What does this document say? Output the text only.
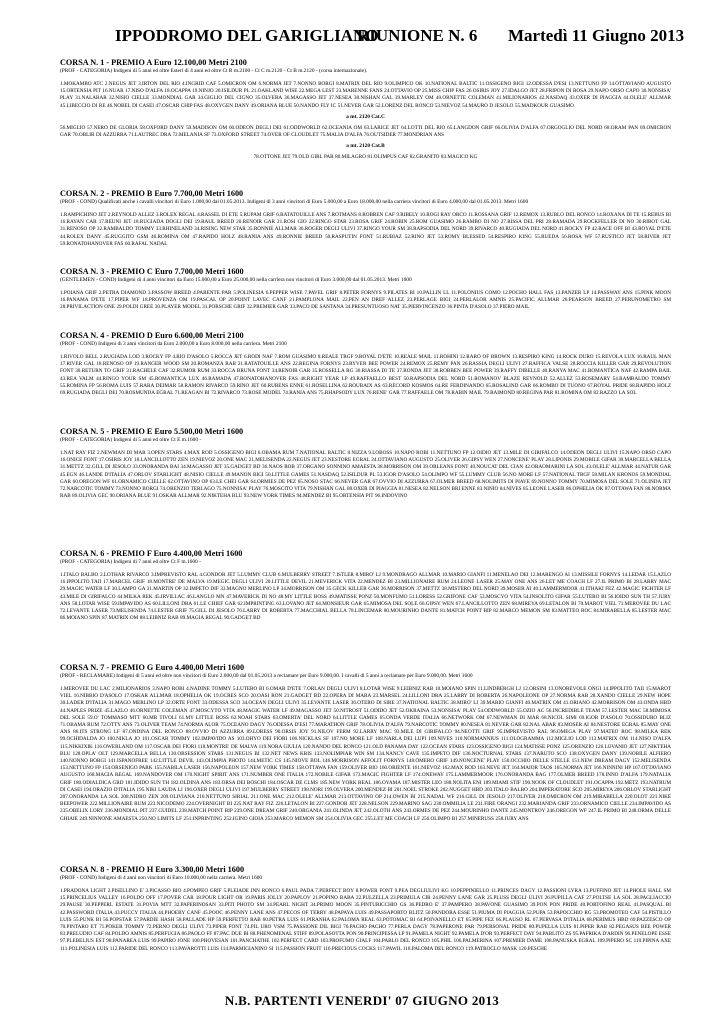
IPPODROMO DEL GARIGLIANO
RIUNIONE N. 6 Martedì 11 Giugno 2013
CORSA N. 1 - PREMIO A Euro 12.100,00 Metri 2100
(PROF - CATEGORIA) Indigeni di 5 anni ed oltre Esteri di 4 anni ed oltre Ct B m.2100 - Ct C m.2120 - Ct B m.2120 - (corsa internazionale).
1.MOKAMBO ATC 2.NEGUS JET 3.IRTON DEL RIO 4.INGRID CAF 5.OMICRON OM 6.NORMA JET 7.NONNO BORGI 8.MATRIX DEL RIO 9.OLIMPICO OK 10.NATIONAL BALTIC 11.OSSIGENO BIGI 12.ODESSA D'ESI 13.NETTUNO FP 14.OTTAVIANO AUGUSTO 15.ORTENSIA PIT 16.NUAR 17.NISO D'ALFA 18.OCAPPA 19.NINJO 20.ISILDUR PL 21.OAKLAND WISE 22.MEGA LEST 23.MARENNE FANS 24.OTTAVIO OP 25.MISS CHIP FAS 26.OSIRIS JOY 27.IDALGO JET 28.FRIPON DI ROSA 29.NAPO ORSO CAPO 30.NONSISA' PLAY 31.NALABAR 32.NISIO CIELLE 33.MONDIAL GAR 34.GIGLIO DEL CIGNO 35.OLVERA 36.MAGASSO JET 37.NESEA 38.NISHAN GAL 39.MARLEY OM 40.ORNETTE COLEMAN 41.MILIONARIOS 42.NASDAQ 43.OXER DI PIAGGIA 44.OLELE' ALLMAR 45.LIBECCIO DI RE 46.NOBEL DI CASEI 47.OSCAR CHIP FAS 48.OXYGEN DANY 49.ORIANA BLUE 50.NANDO FLY IC 51.NEVER GAR 52.LORENZ DEL RONCO 53.NIEVOZ 54.MAURO D JESOLO 55.MADKOUR GUASIMO
a mt. 2120 Cat.C
56.MIGLIO 57.NERO DE GLORIA 58.OXFORD DANY 59.MADISON OM 60.ODEON DEGLI DEI 61.ODDWORLD 62.OCEANIA OM 63.LARICE JET 64.LOTTI DEL RIO 65.LANGDON GRIF 66.OLIVIA D'ALFA 67.ORGOGLIO DEL NORD 68.ORAM PAN 69.OMICRON GAR 70.OBLIR DI AZZURRA 71.LAUTREC DRA 72.MELANIA SF 73.OXFORD STREET 74.OVER OF CLOUDLET 75.MALIA D'ALFA 76.OUTSIDER 77.MONDRIAN ANS
a mt. 2120 Cat.B
78.OTTONE JET 79.OLD GIRL PAR 80.MILAGRO 81.OLIMPUS CAF 82.GRANITO 83.MAGICO KG
CORSA N. 2 - PREMIO B Euro 7.700,00 Metri 1600
(PROF - COND) Qualificati anche i cavalli vincitori di Euro 1.000,00 dal 01.05.2013. Indigeni di 3 anni vincitori di Euro 5.000,00 a Euro 18.000,00 nella carriera vincitori di Euro 4.000,00 dal 01.05.2013. Metri 1600
1.RAMPICHINO JET 2.REYNOLD ALLEZ 3.ROLEX REGAL 4.RASSEL DI ETE 5.RUPAM GRIF 6.RATATOUILLE ANS 7.ROTMANS 8.ROBBEN CAF 9.RIBELY 10.ROGI RAY ORCO 11.ROSSANA GRIF 12.REMOX 13.RUBLO DEL RONCO 14.ROXANA DI TE 15.REBUS BI 16.RAYAN CAR 17.REUNI JET 18.RUGIADA DOGLI DEI 19.RAUL BREED 20.RENOIR GAR 21.ROSI GIO 22.RINGO STAR 23.ROSA GRIF 24.ROBIN 25.ROM GUASIMO 26.RAMBO DI NO 27.RISSA DEL PRI 28.RAMADA 29.ROCKFELLER DI NO 30.RIBOT GAL 31.RENOSO OP 32.RAMBALDO TOMMY 33.RHINELAND 34.RISING NEW STAR 35.RONNIE ALLMAR 36.ROGER DEGLI ULIVI 37.RINGO YOUR SM 38.RAPSODIA DEL NORD 39.RIVARCO 40.RUGIADA DEL NORD 41.ROCKY FP 42.RACE OFF BI 43.ROYAL D'ETE 44.ROLEX DANY 45.RUGGITO GSM 46.ROMINA OM 47.RAPIDO HOLZ 48.RANIA ANS 49.RONNIE BREED 50.RASPUTIN FONT 51.RUBIAZ 52.RINO JET 53.ROMY BLESSED 54.RESPIRO KING 55.RUEDA 56.ROSA WF 57.RUSTICO JET 58.RIVER JET 59.RONATOHANOVER FAS 60.RAFAL NADAL
CORSA N. 3 - PREMIO C Euro 7.700,00 Metri 1600
(GENTLEMEN - COND) Indigeni di 4 anni vincitori da Euro 15.000,00 a Euro 25.000,00 nella carriera non vincitori di Euro 3.000,00 dal 01.05.2013. Metri 1600
1.POIANA GRIF 2.PETRA DIAMOND 3.PASSOW BREED 4.PARENTE PAR 5.POLINESIA 6.PEPPER WISE 7.PAVEL GRIF 8.PETER FORNYS 9.PILATES BI 10.PALLIN LL 11.POLONIUS COMO 12.POCHO HALL FAS 13.PANZER LP 14.PASSWAY ANS 15.PINK MOON 16.PANAMA D'ETE 17.PIPER WF 18.PROVENZA OM 19.PASCAL OP 20.POINT LAVEC CANF 21.PAMPLONA MAIL 22.PEN AN DREF ALLEZ 23.PERLAGE BIGI 24.PERLALOR AMNIS 25.PACIFIC ALLMAR 26.PEARSON BREED 27.PERUNOMETRO SM 28.PRIVILACTION ONE 29.POLDI GREE 30.PLAYER MODEL 31.PORSCHE GRIF 32.PREMIER GAR 33.PACO DE SANTANA 34.PRESUNTUOSO NAT 35.PIERVINCENZO 36.PINTA D'ASOLO 37.PIERO MAIL
CORSA N. 4 - PREMIO D Euro 6.600,00 Metri 2100
(PROF - COND) Indigeni di 3 anni vincitori da Euro 2.000,00 a Euro 8.000,00 nella carriera. Metri 2100
1.RIVOLO BELL 2.RUGIADA LOD 3.ROCKY FP 4.RIO D'ASOLO 5.ROCCA JET 6.RODI NAF 7.ROM GUASIMO 8.REALE TRGF 9.ROYAL D'ETE 10.REALE MAIL 11.ROHINI 12.RARO OF BROWN 13.RESPIRO KING 14.ROCK DURO 15.REVOLA LUX 16.RAUL MAN 17.RIVER GAL 18.RENOSO OP 19.RANGER WOOD SM 20.ROMANZA RAB 21.RATATOUILLE ANS 22.REGINA FORNYS 23.RYVER BEE POWER 24.REMOX 25.REMY PAN 26.RASSIA DEGLI ULIVI 27.RAFFICA VALSE 28.ROCCIA KILLER GAR 29.REVOLUTION FONT 30.RETURN TO GRIF 31.RACHELE CAF 32.RUMOR RUM 33.ROCCA BRUNA FONT 34.RENOIR GAR 35.ROSSELLA RG 36.RIASSA DI TE 37.RONDA JET 38.ROBBEN BEE POWER 39.RAFFY DIBELLE 40.RANYA MAC 41.ROMANTICA NAF 42.RAMPA BAIL 43.REA VALM 44.RINGO YOUR SM 45.ROMANTICA LUX 46.RAMADA 47.RONATOHANOVER FAS 48.RIGHT YEAR LP 49.RAFFAELLO BEST 50.RAPSODIA DEL NORD 51.ROMANOV BLAZE REYNOLD 52.ALLEZ 53.ROSEMARY 54.RAMBALDO TOMMY 55.ROMINA FP 56.ROMA LUIS 57.RARA DEIMAR 58.RAMON RIVARCO 59.RINO JET 60.RUBENS ENNE 61.ROSELLINA 62.ROUBAIX AS 63.RECORD KOSMOS 64.RE FERDINANDO 65.ROSALIND GAR 66.ROMBO DI TUONO 67.ROYAL PRIDE 68.RAPIDO HOLZ 69.RUGIADA DEGLI DEI 70.ROSMUNDA EGRAL 71.REAGAN BI 72.RIVARCO 73.ROSE MODEL 74.RANIA ANS 75.RHAPSODY LUX 76.RENE' GAR 77.RAFFAELE OM 78.RABIN MAIL 79.RAIMOND 80.REGINA PAR 81.ROMINA OM 82.RAZZO LA SOL
CORSA N. 5 - PREMIO E Euro 5.500,00 Metri 1600
(PROF - CATEGORIA) Indigeni di 5 anni ed oltre Ct E m.1600 -
1.NAT RAY FIZ 2.NEWMAN DI MAR 3.OPEN STARS 4.MAX ROD 5.OSSIGENO BIGI 6.OBAMA RUM 7.NATIONAL BALTIC 8.NIZZA 9.LOBOSS 10.NAPO ROBI 11.NETTUNO FP 12.OIDIO JET 13.MILE DI GIRIFALCO 14.ODEON DEGLI ULIVI 15.NAPO ORSO CAPO 16.ONICE FONT 17.OSIRIS JOY 18.LANCILLOTTO ZEN 19.NIEVOZ 20.ONE MAC 21.MELISENDA 22.NEGUS JET 23.NESTORE EGRAL 24.OTTAVIANO AUGUSTO 25.OLIVER 26.GIPSY WEN 27.NONCENE' PLAY 28.LIPONIS 29.MOBILE GIFAR 30.MARCELLA BELLA 31.METTZ 32.GILL DI JESOLO 33.ONORANDA BAI 34.MAGASSO JET 35.GADGET BD 36.NAOS ROB 37.ORGANO SONNINO AMAESTA 38.MORRISON OM 39.ORLEANS FONT 40.NOUCAT DEL CIAN 42.ORAOMARINI LA SOL 43.OLELE' ALLMAR 44.NATUR GAR 45.EGN 46.LANDE D'ITALIA 47.ORLOV STARLIGHT 48.NISIO CIELLE 49.MANON BIGI 50.LITTLE GAMES 51.NASDAQ 52.ISILDUR PL 53.IGOR D'ASOLO 54.OLIMPO WF 55.LUMMY CLUB 56.NO MORE LF 57.NATIONAL TRGF 58.MILAN KRONOS 59.MONDIAL GAR 60.OREGON WF 61.ORNAMICO CIELLE 62.OTTAVINO OP 63.LE CHEI GAR 64.ORMIES DE PEZ 65.NOSO STAC 66.NEVER GAR 67.OVVIO DI AZZURRA 67.OLMER BREED 68.NOLIMITS DI PIAVE 69.NONNO TOMMY 70.MIMOSA DEL SOLE 71.OLINDA JET 72.NARCOTIC TOMMY 73.NONNO BORGI 74.ORENZIO TERLAGO 75.NONNISA' PLAY 76.MOSCITO VITA 79.NISHAN GAL 80.OXER DI PIAGGIA 81.NESEA 82.NELSON BRI ENNE 83.NINIO 84.NIVES 85.LEONE LASER 86.OPHELIA OK 87.OTTAWA FAN 88.NORMA RAB 89.OLIVIA GEC 90.ORIANA BLUE 91.OSKAR ALLMAR 92.NIKTEHA BLU 93.NEW YORK TIMES 94.MENDEZ BI 95.ORTENSIA PIT 96.INDOVINO
CORSA N. 6 - PREMIO F Euro 4.400,00 Metri 1600
(PROF - CATEGORIA) Indigeni di 7 anni ed oltre Ct F m.1600 -
1.ITALO BALBO 2.LOTHAR RIVARCO 3.IMPREVISTO RAL 4.GONDOR JET 5.LUMMY CLUB 6.MULBERRY STREET 7.ISTLER 8.MIRO' LJ 9.MONDRAGO ALLMAR 10.MARIO GIANFI 11.MENELAO DEI 12.MARENGO AI 13.MISSILE FORNYS 14.LEDAR 15.LAZLO 16.IPPOLITO TAII 17.MARCEL GRIF 18.MONTRE' DE MALVA 19.MEGIC DEGLI ULIVI 20.LITTLE DEVIL 21.MEVERICK VITA 22.MENDEZ BI 23.MILLIONAIRE RUM 24.LEONE LASER 25.MAY ONE ANS 26.LET ME COACH LF 27.IL PRIMO BI 28.LARRY MAC 29.MAGIC WATER LF 30.LAMPO GA 31.MARTIN OP 32.IMPETO DIF 33.MAGNO MERLINO LP 34.MORRISON OM 35.GECK KILLER GAR 36.MORRISON 37.METTZ 38.MISTERO DEL NORD 39.MOSER AI 40.LAMMERMOOR 41.ITHAKI FEZ 42.MAGIC FIGHTER LF 43.MILE DI GIRIFALCO 44.MILKA REK 45.IRVILLAC 46.LANGLO MN 47.MAVERICK DI NO 48.MY LITTLE BOSS 49.MATISSE PONZ 50.MONFUMO 51.LORESS 52.GRIFONE CAF 53.MOSCYO VITA 54.INSOLITO GIFAR 55.LUTERO BI 56.IOIDO SUN TH 57.JURY ANS 58.LOTAR WISE 59.IMPAVIDO AS 60.LILLONI DRA 61.LE CHIEF GAR 62.IMPRINTING 63.LOVANO JET 64.MONSIEUR GAR 65.MIMOSA DEL SOLE 66.GIPSY WEN 67.LANCILLOTTO ZEN 68.MIREYA 69.LETALON BI 70.MAROT VIEL 71.MEROVEE DU LAC 72.LEVANTE LASER 73.MELISENDA 74.LESTER GRIF 75.GILL DI JESOLO 76.LARRY DI ROBERTA 77.MACCHIAL BELLA 78.LINCEMAR 80.MOURINHO DANTE 81.MATCH POINT BIP 82.MARCO MEMON SM 83.MATTEO ROC 84.MIRABELLA 85.LESTER MAC 86.MOIANO SPIN 87.MATRIX OM 88.LEIBNIZ RAB 89.MAGIA REGAL 90.GADGET BD
CORSA N. 7 - PREMIO G Euro 4.400,00 Metri 1600
(PROF - RECLAMARE) Indigeni di 5 anni ed oltre non vincitori di Euro 2.000,00 dal 01.05.2013 a reclamare per Euro 9.000,00. I cavalli di 5 anni a reclamare per Euro 9.000,00. Metri 1600
1.MEROVEE DU LAC 2.MILIONARIOS 3.NAPO ROBI 4.NADINE TOMMY 5.LUTERO BI 6.OMAR D'ETE 7.ORLAN DEGLI ULIVI 8.LOTAR WISE 9.LEIBNIZ RAB 10.MOIANO SPIN 11.LINDBERGH LJ 12.ORSINI 13.ONOREVOLE ONGI 14.IPPOLITO TAII 15.MAROT VIEL 16.NIBBIO D'ASOLO 17.OSKAR ALLMAR 18.OPHELIA OK 19.OCRES SCO 20.OASI RON 21.GADGET BD 22.OPERA DI MARA 23.MARSEL 24.LILLONI DRA 25.LARRY DI ROBERTA 26.NAPOLEONE OP 27.NORMA RAB 28.XANDO CIELLE 29.NEW HOPE 30.LADER D'ITALIA 31.MAGO MERLINO LP 32.ORTE FONT 33.ODESSA SCO 34.OCEAN DEGLI ULIVI 35.LEVANTE LASER 36.OTERO DI SIRE 37.NATIONAL BALTIC 38.MIRO' LJ 39.MARIO GIANFI 40.MATRIX OM 41.ORIANO 42.MORRISON OM 43.ONDA HBD 44.NAPLES PRIZE 45.LAZLO 46.ORNETTE COLEMAN 47.MOSCYTO VITA 48.MAGIC WATER LF 49.MAGASSO JET 50.NITROST 51.ODIDO JET 52.OKRAINA 53.NONSISA' PLAY 54.ODDWORLD 55.OZIO AC 56.INCREDIBLE TEAM 57.LESTER MAC 58.MIMOSA DEL SOLE 59.O' TOMMASO MTT 60.MR TIVOLI 61.MY LITTLE BOSS 62.NOAH STARS 63.OMERTA' DEL NORD 64.LITTLE GAMES 65.ONDA VERDE ITALIA 66.NETWORK OM 67.NEWMAN DI MAR 68.NICOL SIMI 69.IGOR D'ASOLO 70.OSSIDURO BLIZ 71.OBAMA RUM 72.OTTY ANS 73.OLIVER TEAM 74.NORMA ALOR 75.OCEANO DAGY 76.ODESSA D'ESI 77.MARATHON GRIF 78.OLIVIA D'ALFA 79.NARCOTIC TOMMY 80.NESEA 81.NEVER GAR 82.NAL ABAR 83.MOSER AI 84.NESTORE EGRAL 85.MAY ONE ANS 86.ITS STRONG LF 87.ONDINA DEL RONCO 88.OVVIO DI AZZURRA 89.LORESS 90.ORSIS JOY 91.NILOV FERM 92.LARRY MAC 93.MILE DI GIRIFALCO 94.NEOTTI GRIF 95.IMPREVISTO RAL 96.OMEGA PLAY 97.MATEO ROC 98.MILKA REK 99.OCHIDALDA JO 100.NIKLA JO 101.OSCAR TOMMY 102.IMPAVIDO AS 103.OHYO DEI FIORI 106.NICKLAS SF 107.NO MORE LF 108.NARLA DEI LUPI 109.NIVES 110.NORMANNIUS 111.OLOGRAMMA 112.MIGLIO LOD 113.MATRIX OM 114.NISO D'ALFA 115.NIKKIXIK 116.OWERLAND OM 117.OSCAR DEI FIORI 118.MONTRE' DE MALVA 119.NORA GIULIA 120.NANDO DEL RONCO 121.OLD PANAMA DAY 122.OCEAN STARS 123.OSSIGENO BIGI 124.MATISSE PONZ 125.ORENZIO 126.LOVANIO JET 127.NIKTEHA BLU 128.OPLA' OLT 129.MARCELLA BELLA 130.OBSESSION STARS 131.NEGUS BI 132.NET NEWS KRIS 133.NOLIMPIAR WIN SM 134.NANCY CAVE 135.IMPETO DIF 136.NOCTURNAL STARS 137.NARUTO SCO 138.OXYGEN DANY 139.NOBILE ALFIERO 140.NONNO BORGI 141.ISPANOFREE 142.LITTLE DEVIL 143.OLIMPIA PHOTO 144.METIC CS 145.NIOVE BOL 146.MORRISON AFFOLIT FORNYS 148.OMERO GRIF 149.NONCENE' PLAY 150.OCCHIO DELLE STELLE 151.NEW DREAM DAGY 152.MELISENDA 153.NETTUNO FP 154.ORSENIGO PARK 155.NABILA LASER 156.NAPOLEON 157.NEW YORK TIMES 158.OTTAWA FAN 159.OLIVER BIO 160.ORIENTE 161.NIEVOZ 162.MAX ROD 163.NEVE JET 164.MAIOR TAOS 165.NORMA JET 166.NINNINI HP 167.OTTAVIANO AUGUSTO 168.MAGIA REGAL 169.NANDOVER OM 170.NIGHT SPIRIT ANS 171.NUMBER ONE ITALIA 172.NOBILE GIFAR 173.MAGIC FIGHTER LF 174.ONEWAY 175.LAMMERMOOR 176.ONORANDA BAG 177.OLMER BREED 178.INNO D'ALFA 179.NATALIA GRIF 180.ODIALDICA GRD 181.IDIDO SUN TH 182.OLDINA ANS 183.ORSA DEI BOSCHI 184.OSCAR DE CLMS 185.NEW YORK REAL 186.OYAMA 187.MISTER LEO 188.NOLITA ENI 189.MIAMI STIF 190.NOOK OF CLOUDLET 191.OCAPPA 192.METZ 193.NATRUM DI CASEI 194.ORAZIO D'ITALIA 195.NIKI LAUDA LJ 196.OXER DEGLI ULIVI 197.MULBERRY STREET 198.NORI 199.OLVERA 200.MENDEZ BI 201.NOEL STROKE 202.NUGGET HBD 203.ITALO BALBO 204.IMPERATORE SCO 205.MIREYA 206.ORLOV STARLIGHT 207.ONORANDA LA SOL 208.NIDRO ZEN 209.OLIVIANA 210.NETTUNO SIRIAL 211.ONE MAC 212.OLELE' ALLMAR 213.OTTAVINO OP 214.OWEN BI 215.NADAL WF 216.GILL DI JESOLO 217.OLIVER 218.OMICRON OM 219.MIRABELLA 220.OLOT 221.NIKE BEEPOWER 222.MILLIONAIRE RUM 223.NICODEMO 224.OVERNIGHT BI 225.NAT RAY FIZ 226.LETALON BI 227.GONDOR JET 228.NELSON 229.MARINO SAG 230.OMMILIA LE 231.FIRE ORANGI 232.MARIANDA GRIF 233.ORNAMICO CIELLE 234.IMPAVIDO AS 235.OBELIX LORY 236.MONDIAL PIT 237.GUIDEL 238.MATCH POINT BIP 239.ONE DREAM GRIF 240.ORGANIA 241.OLINDA JET 242.OLOTH ANS 243.ORMES DE PEZ 244.MOURINHO DANTE 245.MONTROY 246.OREGON WF 247.IL PRIMO BI 248.ORMA DELLE GHIAIE 249.NINNONE AMAESTA 250.NO LIMITS LF 251.INPRINTING 252.IGINO GIOIA 253.MARCO MEMON SM 254.OLIVIA GEC 255.LET ME COACH LF 256.OLIMPO BI 257.MINERUSS 258.JURY ANS
CORSA N. 8 - PREMIO H Euro 3.300,00 Metri 1600
(PROF - COND) Indigeni di 4 anni non vincitori di Euro 10.000,00 nella carriera. Metri 1600
1.PRADONA LIGHT 2.PISELLINO E' 3.PICASSO BIO 4.POMPEO GRIF 5.PLEIADE INN RONCO 6.PAUL PADA 7.PERFECT BOY 8.POWER FONT 9.PEA DEGLIULIVI KG 10.PEPPINIELLO 11.PRINCES DAGY 12.PASSIONI LYRA 13.PUFFINO JET 14.PHOLE HALL SM 15.PRINCELIUS VALLEY 16.POLDO OFF 17.POVER CAR 18.POUR LIGHT OR 19.PARIS JOLLY 20.PAPLOV 21.POPINO BABA 22.PULZELLA 23.PRIMULA CIR 24.PENNY LANE GAR 25.PLUSS DEGLI ULIVI 26.PUPILLA CAF 27.POLTSE LA SOL 28.PAGLIACCIO 29.PAUSE 30.PEPPERL ESTATE 31.POVIA MTT 32.PAPERINOSAN 33.PITI PHOTO SM 34.PEARL NIGHT 34.PRIMO MOON 35.PINTURICCHIO GS 36.PEDRO E' 37.PAMPERO 38.PAVONE GUASIMO 39.PON PON PRIDE 40.PORTOFINO REAL 41.PASQUAL BI 42.PASSWORD ITALIA 43.PUCCY ITALIA 44.PHOEBY CANF 45.POOC 46.PENNY LANE ANS 47.PECOS OF TERRY 48.PAPAYA LUIS 49.PASSAPORTO BLITZ 50.PANDORA ESSE 51.PIUMA DI PIAGGIA 52.PUPA 53.PAPOCCHIO RG 53.PROMOTEO CAF 54.PISTILLO LUIS 55.PUNK BI 56.POPSTAR 57.PARDIE HASH 58.PALLADE HP 59.PERFETTO RAB 60.PETRA LUIS 61.PIRANHA 62.PALOMA REAL 63.POTOMAC BI 64.POIVANELLO ET 65.PIPE FEZ 66.PLAUSO RL 67.PERVASA D'ITALIA 68.PERIMUS HBD 69.PAZZESCO OP 70.PINTARO ET 71.POKER TOMMY 72.PERNO DEGLI ULIVI 73.PIPER FONT 74.PIL URO VSM 75.PASSIONE DIL BIGI 76.PACHO PACHO 77.PERLA DAGY 78.PAPERONE PAR 79.PERSONAL PRIDE 80.PUPELLA LUIS 81.PIPER RAB 82.PEGASUS BEE POWER 83.PRELUDIO CAF 84.POLDO AMNIS 85.PERFUGIA 86.PAOLO FF 87.PAC DUE BI 88.PHENOMENAL STIFF 89.POLASOTTA PON 90.PRINCIPESSA LP 91.PAMELA NIGHT 92.PAMELA D'OR 93.PERFECT DAY 94.PABLITO ZS 95.PAFRIKA D'ARDIN 96.PENELOPE ESSE 97.PLEBELIUS EST 98.PANAREA LUIS 99.PAPIRO JONE 100.PHOVESAN 101.PANCHATHE 102.PERFECT CARD 103.PROFUMO GIALF 104.PABLO DEL RONCO 105.PHIL 106.PALMERINA 107.PREMIER DAME 108.PANUSKA EGRAL 109.PIPERO SC 110.PIPINA AXE 111.POLINESIA LUIS 112.PARIDE DEL RONCO 113.PAVAROTTI LUIS 114.PARMIGIANINO SI 115.PASSION FRUIT 116.PRECIOUS COCKS 117.PAWIL 118.PALOMA DEL RONCO 119.PATROCLO MASK 120.PESCHE
N.B. PARTENTI VENERDI' 07 GIUGNO 2013
